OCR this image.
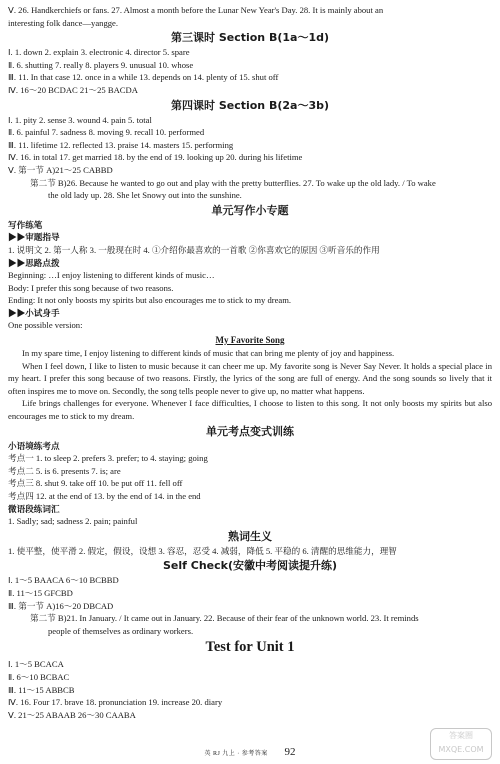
Ⅴ. 26. Handkerchiefs or fans. 27. Almost a month before the Lunar New Year's Day. 28. It is mainly about an
interesting folk dance—yangge.
第三课时 Section B(1a～1d)
Ⅰ. 1. down 2. explain 3. electronic 4. director 5. spare
Ⅱ. 6. shutting 7. really 8. players 9. unusual 10. whose
Ⅲ. 11. In that case 12. once in a while 13. depends on 14. plenty of 15. shut off
Ⅳ. 16～20 BCDAC 21～25 BACDA
第四课时 Section B(2a～3b)
Ⅰ. 1. pity 2. sense 3. wound 4. pain 5. total
Ⅱ. 6. painful 7. sadness 8. moving 9. recall 10. performed
Ⅲ. 11. lifetime 12. reflected 13. praise 14. masters 15. performing
Ⅳ. 16. in total 17. get married 18. by the end of 19. looking up 20. during his lifetime
Ⅴ. 第一节 A)21～25 CABBD
第二节 B)26. Because he wanted to go out and play with the pretty butterflies. 27. To wake up the old lady. / To wake
the old lady up. 28. She let Snowy out into the sunshine.
单元写作小专题
写作练笔
▶▶审题指导
1. 说明文 2. 第一人称 3. 一般现在时 4. ①介绍你最喜欢的一首歌 ②你喜欢它的原因 ③听音乐的作用
▶▶思路点拨
Beginning: …I enjoy listening to different kinds of music…
Body: I prefer this song because of two reasons.
Ending: It not only boosts my spirits but also encourages me to stick to my dream.
▶▶小试身手
One possible version:
My Favorite Song
In my spare time, I enjoy listening to different kinds of music that can bring me plenty of joy and happiness.
When I feel down, I like to listen to music because it can cheer me up. My favorite song is Never Say Never. It holds a special place in my heart. I prefer this song because of two reasons. Firstly, the lyrics of the song are full of energy. And the song sounds so lively that it often inspires me to move on. Secondly, the song tells people never to give up, no matter what happens.
Life brings challenges for everyone. Whenever I face difficulties, I choose to listen to this song. It not only boosts my spirits but also encourages me to stick to my dream.
单元考点变式训练
小语境练考点
考点一 1. to sleep 2. prefers 3. prefer; to 4. staying; going
考点二 5. is 6. presents 7. is; are
考点三 8. shut 9. take off 10. be put off 11. fell off
考点四 12. at the end of 13. by the end of 14. in the end
微语段练词汇
1. Sadly; sad; sadness 2. pain; painful
熟词生义
1. 使平整，使平滑 2. 假定，假设，设想 3. 容忍，忍受 4. 减弱，降低 5. 平稳的 6. 清醒的思维能力，理智
Self Check(安徽中考阅读提升练)
Ⅰ. 1～5 BAACA 6～10 BCBBD
Ⅱ. 11～15 GFCBD
Ⅲ. 第一节 A)16～20 DBCAD
第二节 B)21. In January. / It came out in January. 22. Because of their fear of the unknown world. 23. It reminds
people of themselves as ordinary workers.
Test for Unit 1
Ⅰ. 1～5 BCACA
Ⅱ. 6～10 BCBAC
Ⅲ. 11～15 ABBCB
Ⅳ. 16. Four 17. brave 18. pronunciation 19. increase 20. diary
Ⅴ. 21～25 ABAAB 26～30 CAABA
英 RJ 九上 · 参考答案 92
答案圈
MXQE.COM
